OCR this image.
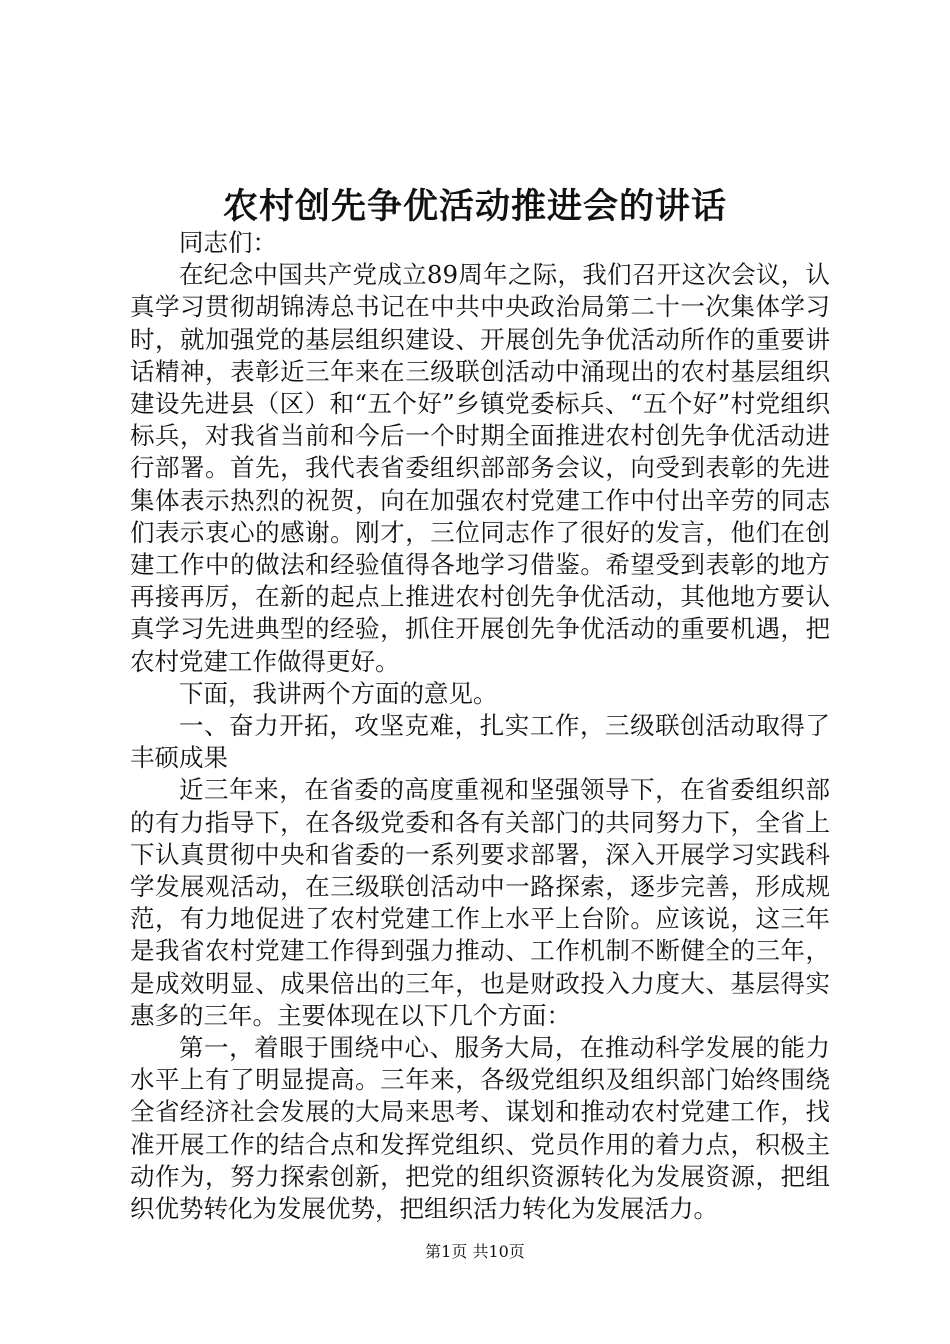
农村创先争优活动推进会的讲话

同志们：

在纪念中国共产党成立89周年之际，我们召开这次会议，认真学习贯彻胡锦涛总书记在中共中央政治局第二十一次集体学习时，就加强党的基层组织建设、开展创先争优活动所作的重要讲话精神，表彰近三年来在三级联创活动中涌现出的农村基层组织建设先进县（区）和“五个好”乡镇党委标兵、“五个好”村党组织标兵，对我省当前和今后一个时期全面推进农村创先争优活动进行部署。首先，我代表省委组织部部务会议，向受到表彰的先进集体表示热烈的祝贺，向在加强农村党建工作中付出辛劳的同志们表示衷心的感谢。刚才，三位同志作了很好的发言，他们在创建工作中的做法和经验值得各地学习借鉴。希望受到表彰的地方再接再厉，在新的起点上推进农村创先争优活动，其他地方要认真学习先进典型的经验，抓住开展创先争优活动的重要机遇，把农村党建工作做得更好。

下面，我讲两个方面的意见。

一、奋力开拓，攻坚克难，扎实工作，三级联创活动取得了丰硕成果

近三年来，在省委的高度重视和坚强领导下，在省委组织部的有力指导下，在各级党委和各有关部门的共同努力下，全省上下认真贯彻中央和省委的一系列要求部署，深入开展学习实践科学发展观活动，在三级联创活动中一路探索，逐步完善，形成规范，有力地促进了农村党建工作上水平上台阶。应该说，这三年是我省农村党建工作得到强力推动、工作机制不断健全的三年，是成效明显、成果倍出的三年，也是财政投入力度大、基层得实惠多的三年。主要体现在以下几个方面：

第一，着眼于围绕中心、服务大局，在推动科学发展的能力水平上有了明显提高。三年来，各级党组织及组织部门始终围绕全省经济社会发展的大局来思考、谋划和推动农村党建工作，找准开展工作的结合点和发挥党组织、党员作用的着力点，积极主动作为，努力探索创新，把党的组织资源转化为发展资源，把组织优势转化为发展优势，把组织活力转化为发展活力。

第1页 共10页
